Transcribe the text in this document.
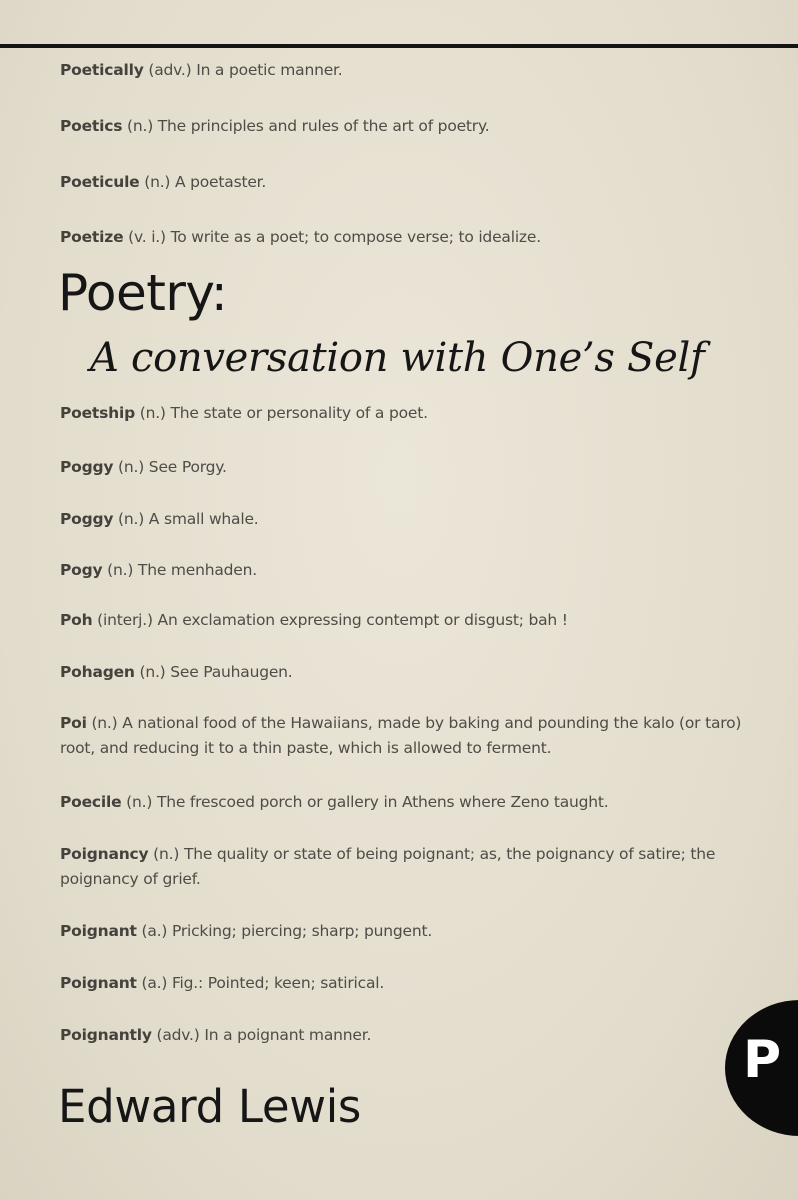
Poetically (adv.) In a poetic manner.
Poetics (n.) The principles and rules of the art of poetry.
Poeticule (n.) A poetaster.
Poetize (v. i.) To write as a poet; to compose verse; to idealize.
Poetry:
A conversation with One’s Self
Poetship (n.) The state or personality of a poet.
Poggy (n.) See Porgy.
Poggy (n.) A small whale.
Pogy (n.) The menhaden.
Poh (interj.) An exclamation expressing contempt or disgust; bah !
Pohagen (n.) See Pauhaugen.
Poi (n.) A national food of the Hawaiians, made by baking and pounding the kalo (or taro) root, and reducing it to a thin paste, which is allowed to ferment.
Poecile (n.) The frescoed porch or gallery in Athens where Zeno taught.
Poignancy (n.) The quality or state of being poignant; as, the poignancy of satire; the poignancy of grief.
Poignant (a.) Pricking; piercing; sharp; pungent.
Poignant (a.) Fig.: Pointed; keen; satirical.
Poignantly (adv.) In a poignant manner.
Edward Lewis
P
